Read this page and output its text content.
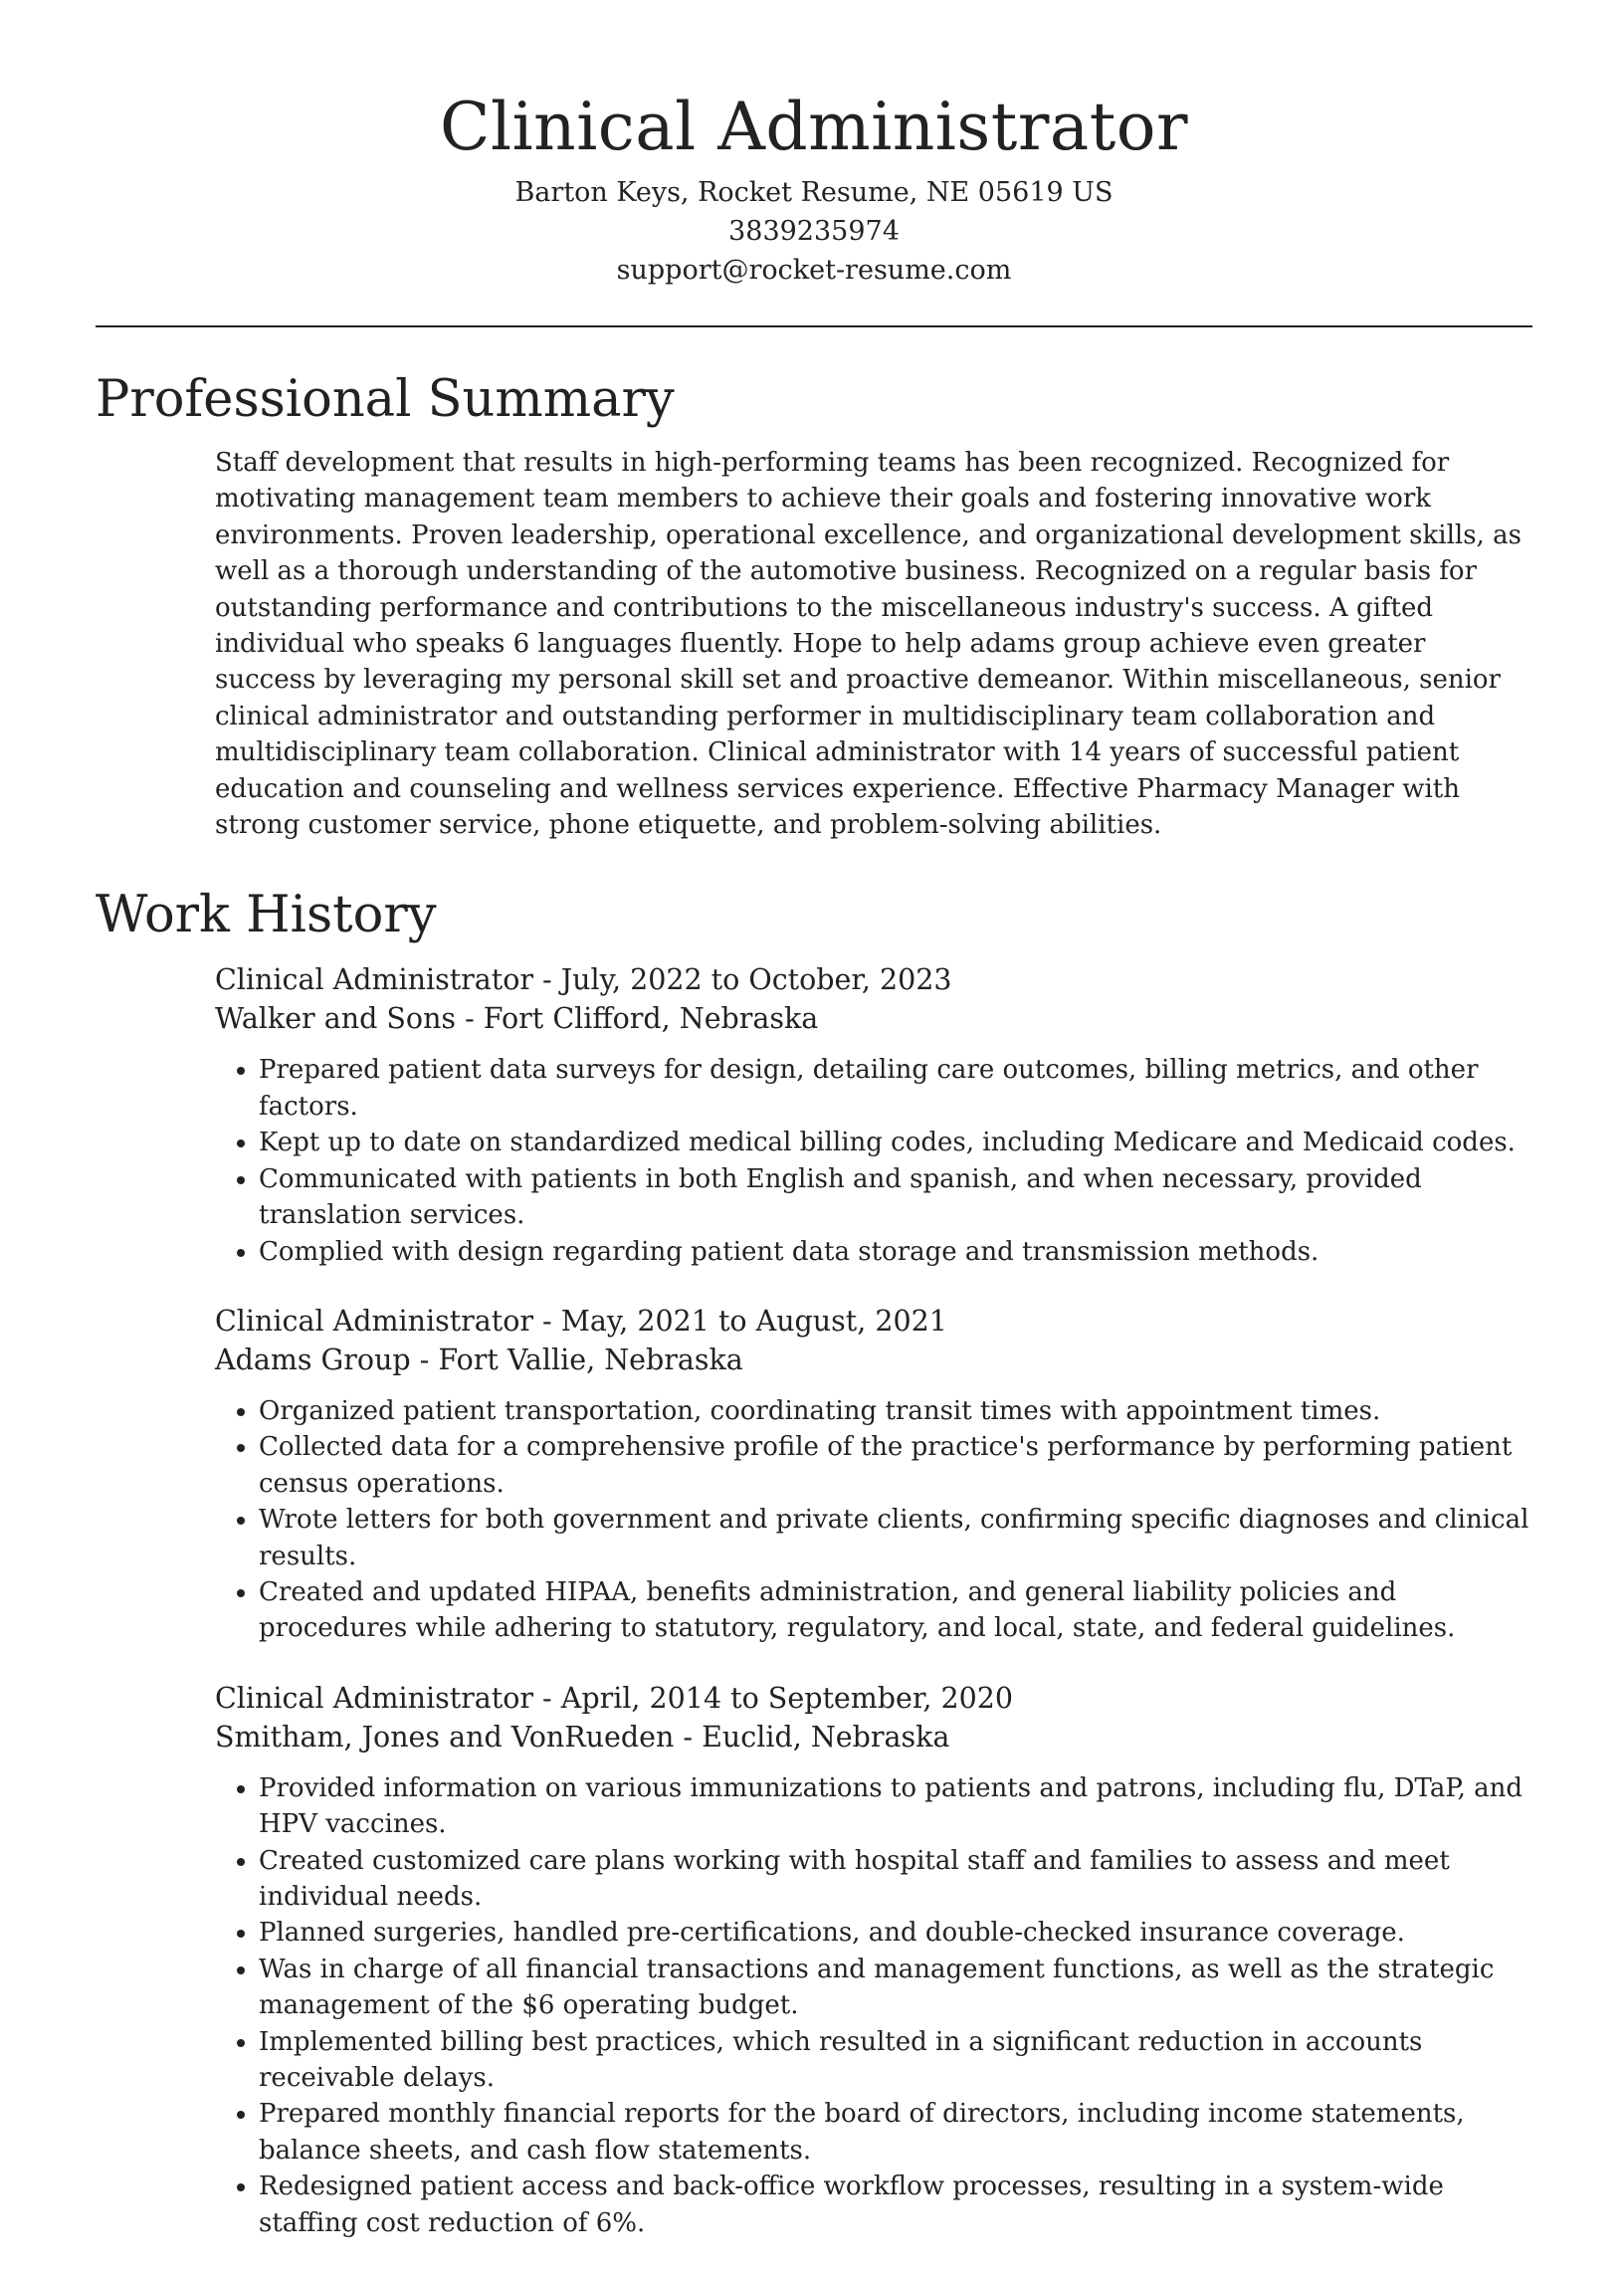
Clinical Administrator
Barton Keys, Rocket Resume, NE 05619 US
3839235974
support@rocket-resume.com
Professional Summary

Staff development that results in high-performing teams has been recognized. Recognized for motivating management team members to achieve their goals and fostering innovative work environments. Proven leadership, operational excellence, and organizational development skills, as well as a thorough understanding of the automotive business. Recognized on a regular basis for outstanding performance and contributions to the miscellaneous industry's success. A gifted individual who speaks 6 languages fluently. Hope to help adams group achieve even greater success by leveraging my personal skill set and proactive demeanor. Within miscellaneous, senior clinical administrator and outstanding performer in multidisciplinary team collaboration and multidisciplinary team collaboration. Clinical administrator with 14 years of successful patient education and counseling and wellness services experience. Effective Pharmacy Manager with strong customer service, phone etiquette, and problem-solving abilities.

Work History
Clinical Administrator - July, 2022 to October, 2023
Walker and Sons - Fort Clifford, Nebraska
• Prepared patient data surveys for design, detailing care outcomes, billing metrics, and other factors.
• Kept up to date on standardized medical billing codes, including Medicare and Medicaid codes.
• Communicated with patients in both English and spanish, and when necessary, provided translation services.
• Complied with design regarding patient data storage and transmission methods.
Clinical Administrator - May, 2021 to August, 2021
Adams Group - Fort Vallie, Nebraska
• Organized patient transportation, coordinating transit times with appointment times.
• Collected data for a comprehensive profile of the practice's performance by performing patient census operations.
• Wrote letters for both government and private clients, confirming specific diagnoses and clinical results.
• Created and updated HIPAA, benefits administration, and general liability policies and procedures while adhering to statutory, regulatory, and local, state, and federal guidelines.
Clinical Administrator - April, 2014 to September, 2020
Smitham, Jones and VonRueden - Euclid, Nebraska
• Provided information on various immunizations to patients and patrons, including flu, DTaP, and HPV vaccines.
• Created customized care plans working with hospital staff and families to assess and meet individual needs.
• Planned surgeries, handled pre-certifications, and double-checked insurance coverage.
• Was in charge of all financial transactions and management functions, as well as the strategic management of the $6 operating budget.
• Implemented billing best practices, which resulted in a significant reduction in accounts receivable delays.
• Prepared monthly financial reports for the board of directors, including income statements, balance sheets, and cash flow statements.
• Redesigned patient access and back-office workflow processes, resulting in a system-wide staffing cost reduction of 6%.
